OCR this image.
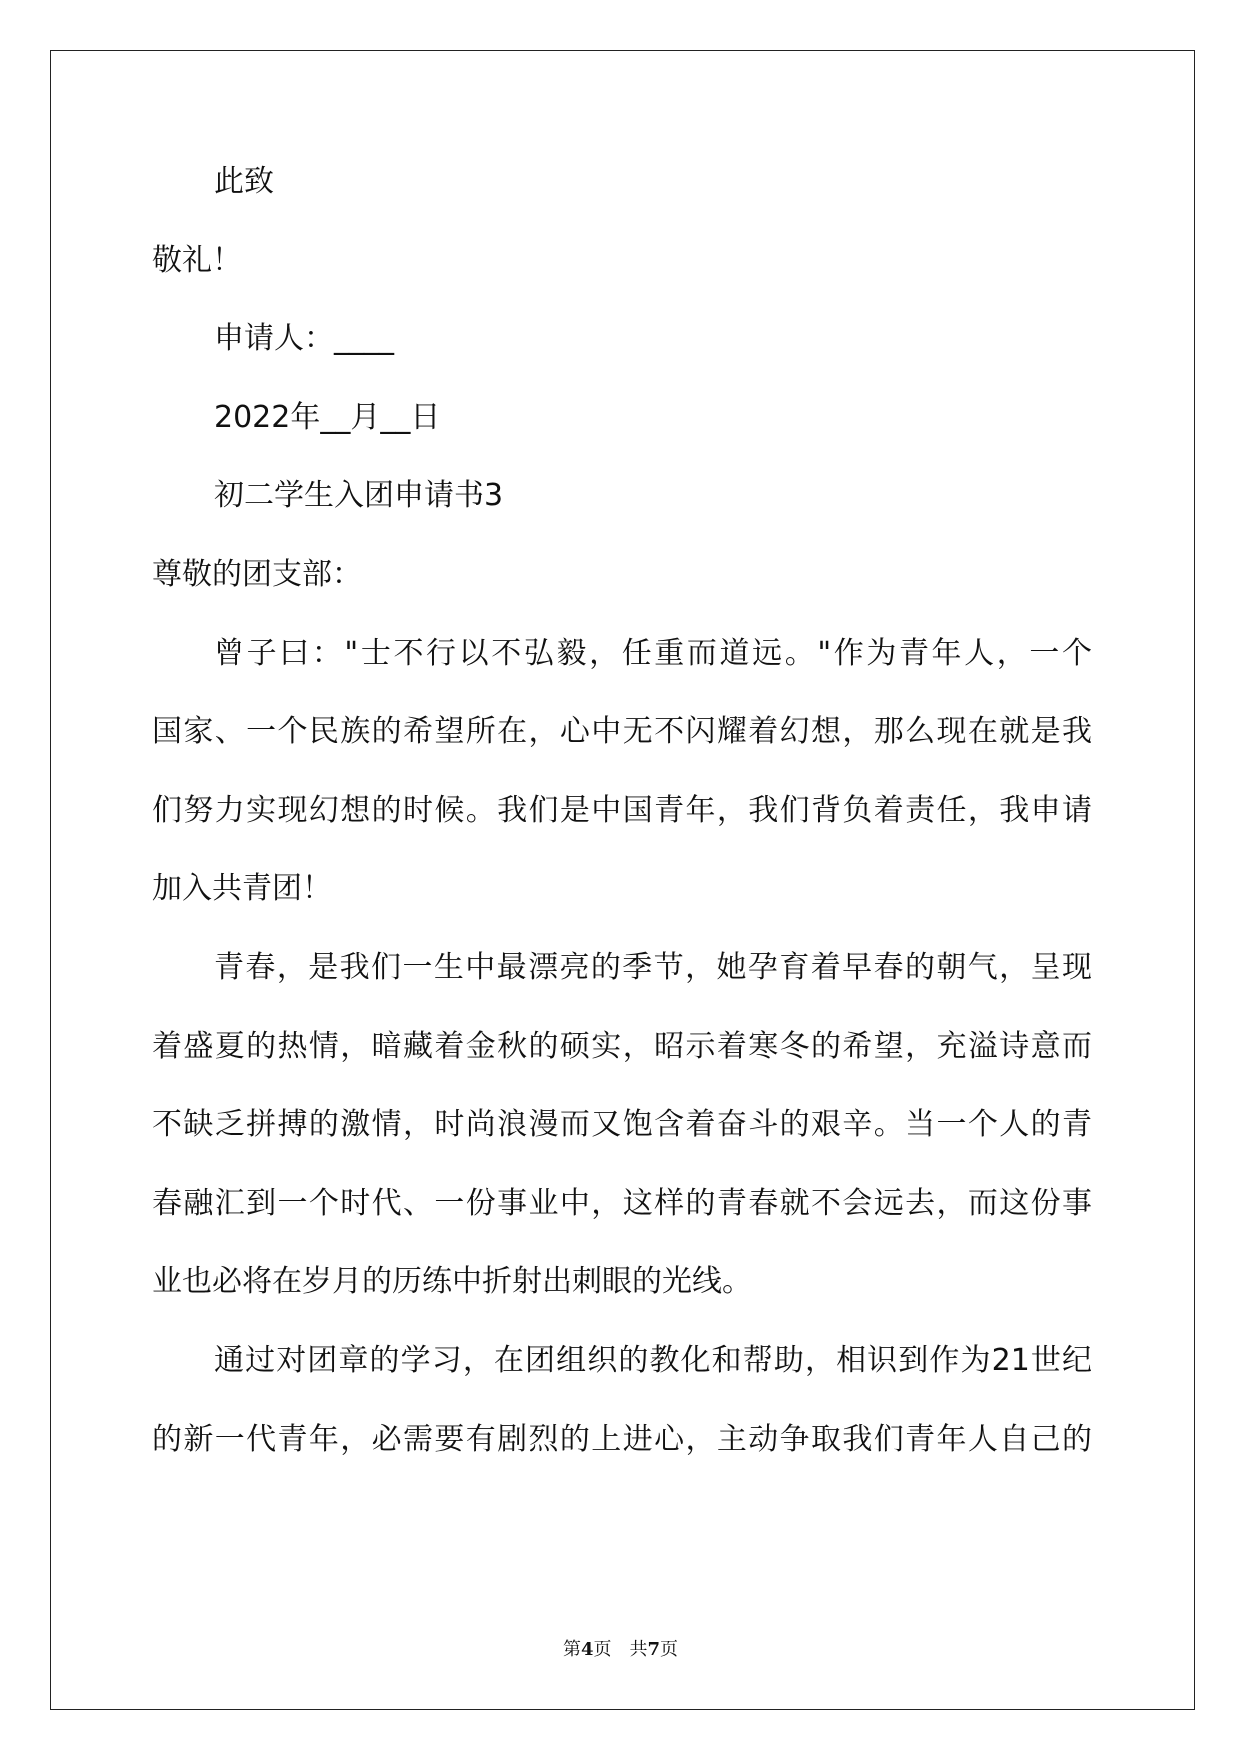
此致
敬礼！
申请人：____
2022年__月__日
初二学生入团申请书3
尊敬的团支部：
曾子曰："士不行以不弘毅，任重而道远。"作为青年人，一个
国家、一个民族的希望所在，心中无不闪耀着幻想，那么现在就是我
们努力实现幻想的时候。我们是中国青年，我们背负着责任，我申请
加入共青团！
青春，是我们一生中最漂亮的季节，她孕育着早春的朝气，呈现
着盛夏的热情，暗藏着金秋的硕实，昭示着寒冬的希望，充溢诗意而
不缺乏拼搏的激情，时尚浪漫而又饱含着奋斗的艰辛。当一个人的青
春融汇到一个时代、一份事业中，这样的青春就不会远去，而这份事
业也必将在岁月的历练中折射出刺眼的光线。
通过对团章的学习，在团组织的教化和帮助，相识到作为21世纪
的新一代青年，必需要有剧烈的上进心，主动争取我们青年人自己的
第4页　共7页
